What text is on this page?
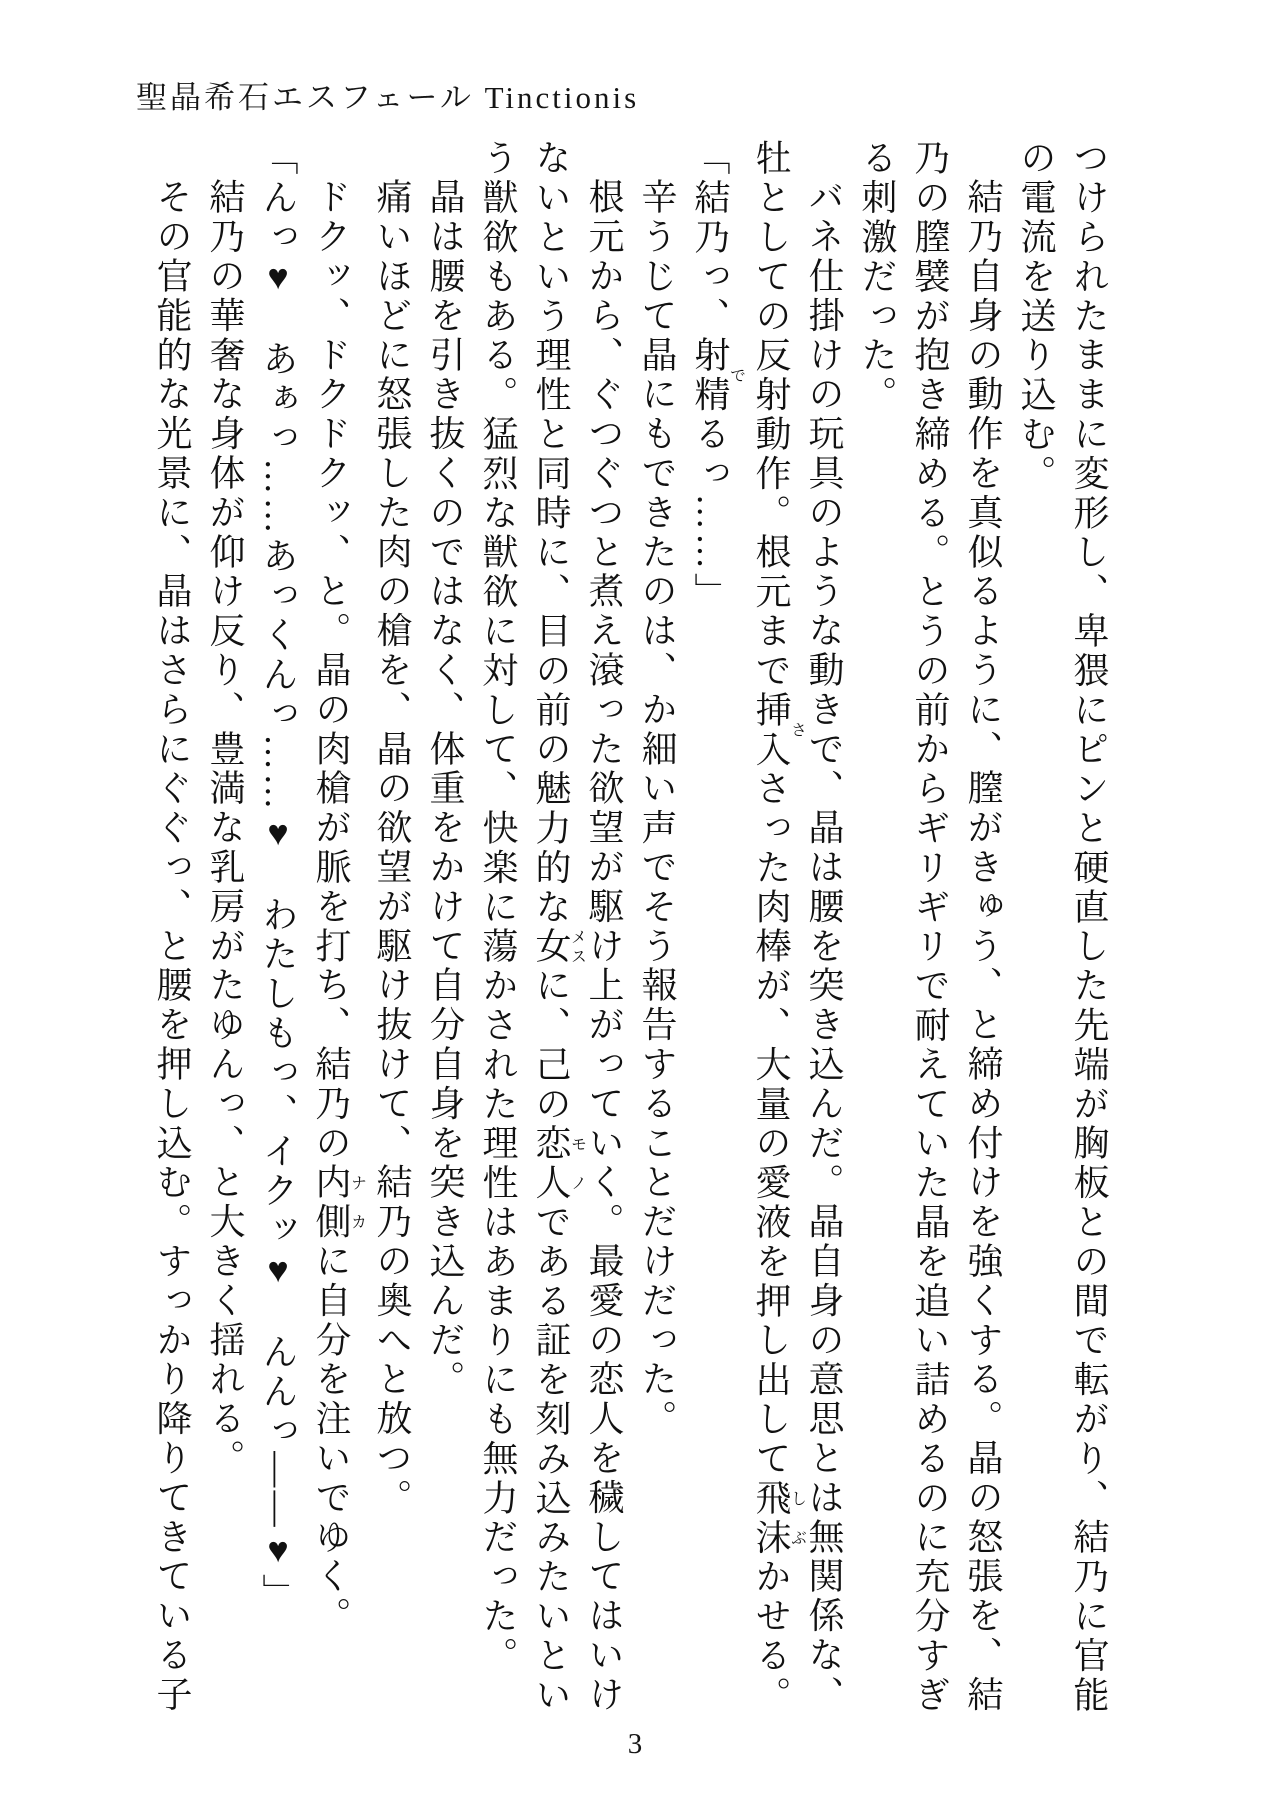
聖晶希石エスフェール Tinctionis

つけられたままに変形し、卑猥にピンと硬直した先端が胸板との間で転がり、結乃に官能の電流を送り込む。

結乃自身の動作を真似るように、膣がきゅう、と締め付けを強くする。晶の怒張を、結乃の膣襞が抱き締める。とうの前からギリギリで耐えていた晶を追い詰めるのに充分すぎる刺激だった。

バネ仕掛けの玩具のような動きで、晶は腰を突き込んだ。晶自身の意思とは無関係な、牡としての反射動作。根元まで挿入ささった肉棒が、大量の愛液を押し出して飛沫しぶかせる。

「結乃っ、射精でるっ……」

辛うじて晶にもできたのは、か細い声でそう報告することだけだった。

根元から、ぐつぐつと煮え滾った欲望が駆け上がっていく。最愛の恋人を穢してはいけないという理性と同時に、目の前の魅力的な女メスに、己の恋人モノである証を刻み込みたいという獣欲もある。猛烈な獣欲に対して、快楽に蕩かされた理性はあまりにも無力だった。

晶は腰を引き抜くのではなく、体重をかけて自分自身を突き込んだ。

痛いほどに怒張した肉の槍を、晶の欲望が駆け抜けて、結乃の奥へと放つ。

ドクッ、ドクドクッ、と。晶の肉槍が脈を打ち、結乃の内側ナカに自分を注いでゆく。

「んっ♥　あぁっ……あっくんっ……♥　わたしもっ、イクッ♥　んんっ――♥」

結乃の華奢な身体が仰け反り、豊満な乳房がたゆんっ、と大きく揺れる。

その官能的な光景に、晶はさらにぐぐっ、と腰を押し込む。すっかり降りてきている子

3
